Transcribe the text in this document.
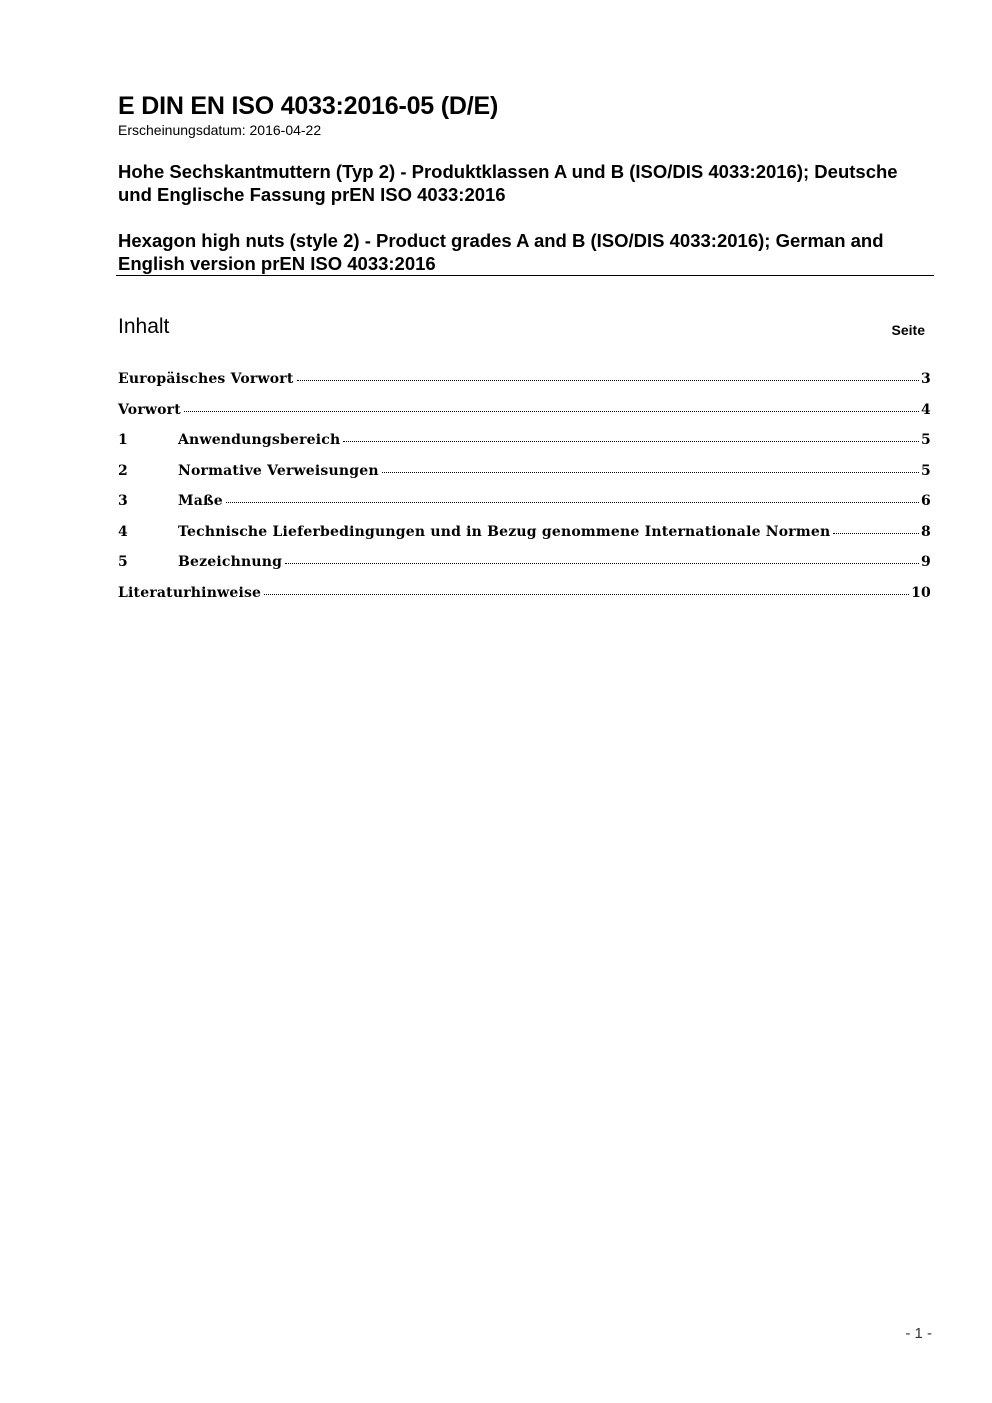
E DIN EN ISO 4033:2016-05 (D/E)
Erscheinungsdatum: 2016-04-22
Hohe Sechskantmuttern (Typ 2) - Produktklassen A und B (ISO/DIS 4033:2016); Deutsche und Englische Fassung prEN ISO 4033:2016
Hexagon high nuts (style 2) - Product grades A and B (ISO/DIS 4033:2016); German and English version prEN ISO 4033:2016
Inhalt	Seite
Europäisches Vorwort	3
Vorwort	4
1	Anwendungsbereich	5
2	Normative Verweisungen	5
3	Maße	6
4	Technische Lieferbedingungen und in Bezug genommene Internationale Normen	8
5	Bezeichnung	9
Literaturhinweise	10
- 1 -
